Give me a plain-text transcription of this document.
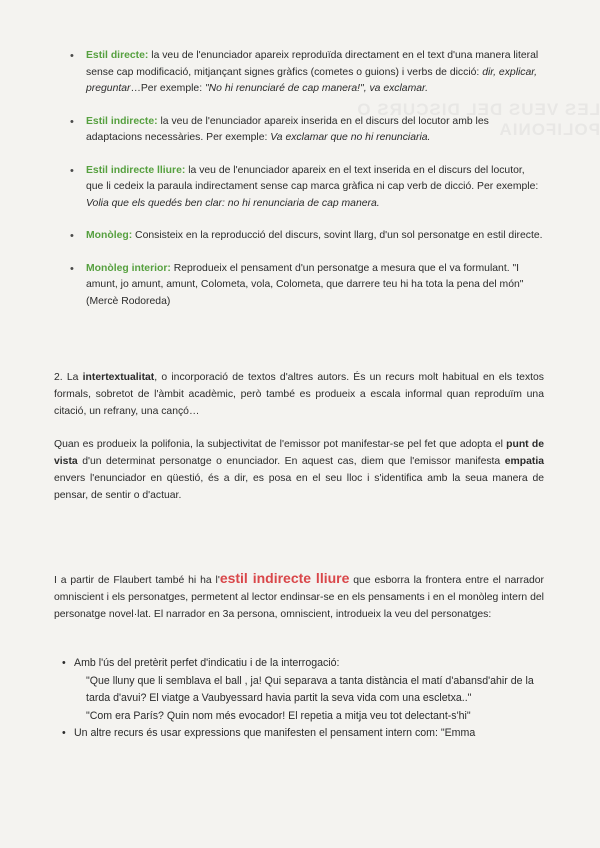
LES VEUS DEL DISCURS O POLIFONIA
• Estil directe: la veu de l'enunciador apareix reproduïda directament en el text d'una manera literal sense cap modificació, mitjançant signes gràfics (cometes o guions) i verbs de dicció: dir, explicar, preguntar…Per exemple: "No hi renunciaré de cap manera!", va exclamar.
• Estil indirecte: la veu de l'enunciador apareix inserida en el discurs del locutor amb les adaptacions necessàries. Per exemple: Va exclamar que no hi renunciaria.
• Estil indirecte lliure: la veu de l'enunciador apareix en el text inserida en el discurs del locutor, que li cedeix la paraula indirectament sense cap marca gràfica ni cap verb de dicció. Per exemple: Volia que els quedés ben clar: no hi renunciaria de cap manera.
• Monòleg: Consisteix en la reproducció del discurs, sovint llarg, d'un sol personatge en estil directe.
• Monòleg interior: Reprodueix el pensament d'un personatge a mesura que el va formulant. "I amunt, jo amunt, amunt, Colometa, vola, Colometa, que darrere teu hi ha tota la pena del món" (Mercè Rodoreda)

2. La intertextualitat, o incorporació de textos d'altres autors. És un recurs molt habitual en els textos formals, sobretot de l'àmbit acadèmic, però també es produeix a escala informal quan reproduïm una citació, un refrany, una cançó…

Quan es produeix la polifonia, la subjectivitat de l'emissor pot manifestar-se pel fet que adopta el punt de vista d'un determinat personatge o enunciador. En aquest cas, diem que l'emissor manifesta empatia envers l'enunciador en qüestió, és a dir, es posa en el seu lloc i s'identifica amb la seua manera de pensar, de sentir o d'actuar.

I a partir de Flaubert també hi ha l'estil indirecte lliure que esborra la frontera entre el narrador omniscient i els personatges, permetent al lector endinsar-se en els pensaments i en el monòleg intern del personatge novel·lat. El narrador en 3a persona, omniscient, introdueix la veu del personatges:

• Amb l'ús del pretèrit perfet d'indicatiu i de la interrogació:

"Que lluny que li semblava el ball , ja! Qui separava a tanta distància el matí d'abansd'ahir de la tarda d'avui? El viatge a Vaubyessard havia partit la seva vida com una escletxa.."

"Com era París? Quin nom més evocador! El repetia a mitja veu tot delectant-s'hi"

• Un altre recurs és usar expressions que manifesten el pensament intern com: "Emma
